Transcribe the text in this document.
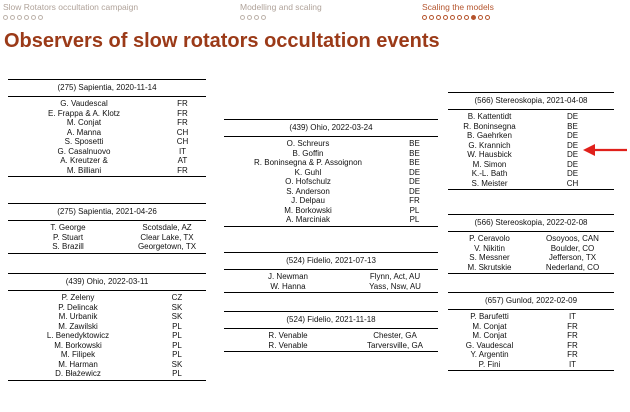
Slow Rotators occultation campaign	Modelling and scaling	Scaling the models
Observers of slow rotators occultation events
(275) Sapientia, 2020-11-14
G. Vaudescal	FR
E. Frappa & A. Klotz	FR
M. Conjat	FR
A. Manna	CH
S. Sposetti	CH
G. Casalnuovo	IT
A. Kreutzer &	AT
M. Billiani	FR
(275) Sapientia, 2021-04-26
T. George	Scotsdale, AZ
P. Stuart	Clear Lake, TX
S. Brazill	Georgetown, TX
(439) Ohio, 2022-03-11
P. Zeleny	CZ
P. Delincak	SK
M. Urbanik	SK
M. Zawilski	PL
L. Benedyktowicz	PL
M. Borkowski	PL
M. Filipek	PL
M. Harman	SK
D. Błażewicz	PL
(439) Ohio, 2022-03-24
O. Schreurs	BE
B. Goffin	BE
R. Boninsegna & P. Assoignon	BE
K. Guhl	DE
O. Hofschulz	DE
S. Anderson	DE
J. Delpau	FR
M. Borkowski	PL
A. Marciniak	PL
(524) Fidelio, 2021-07-13
J. Newman	Flynn, Act, AU
W. Hanna	Yass, Nsw, AU
(524) Fidelio, 2021-11-18
R. Venable	Chester, GA
R. Venable	Tarversville, GA
(566) Stereoskopia, 2021-04-08
B. Kattentidt	DE
R. Boninsegna	BE
B. Gaehrken	DE
G. Krannich	DE
W. Hausbick	DE
M. Simon	DE
K.-L. Bath	DE
S. Meister	CH
(566) Stereoskopia, 2022-02-08
P. Ceravolo	Osoyoos, CAN
V. Nikitin	Boulder, CO
S. Messner	Jefferson, TX
M. Skrutskie	Nederland, CO
(657) Gunlod, 2022-02-09
P. Barufetti	IT
M. Conjat	FR
M. Conjat	FR
G. Vaudescal	FR
Y. Argentin	FR
P. Fini	IT
